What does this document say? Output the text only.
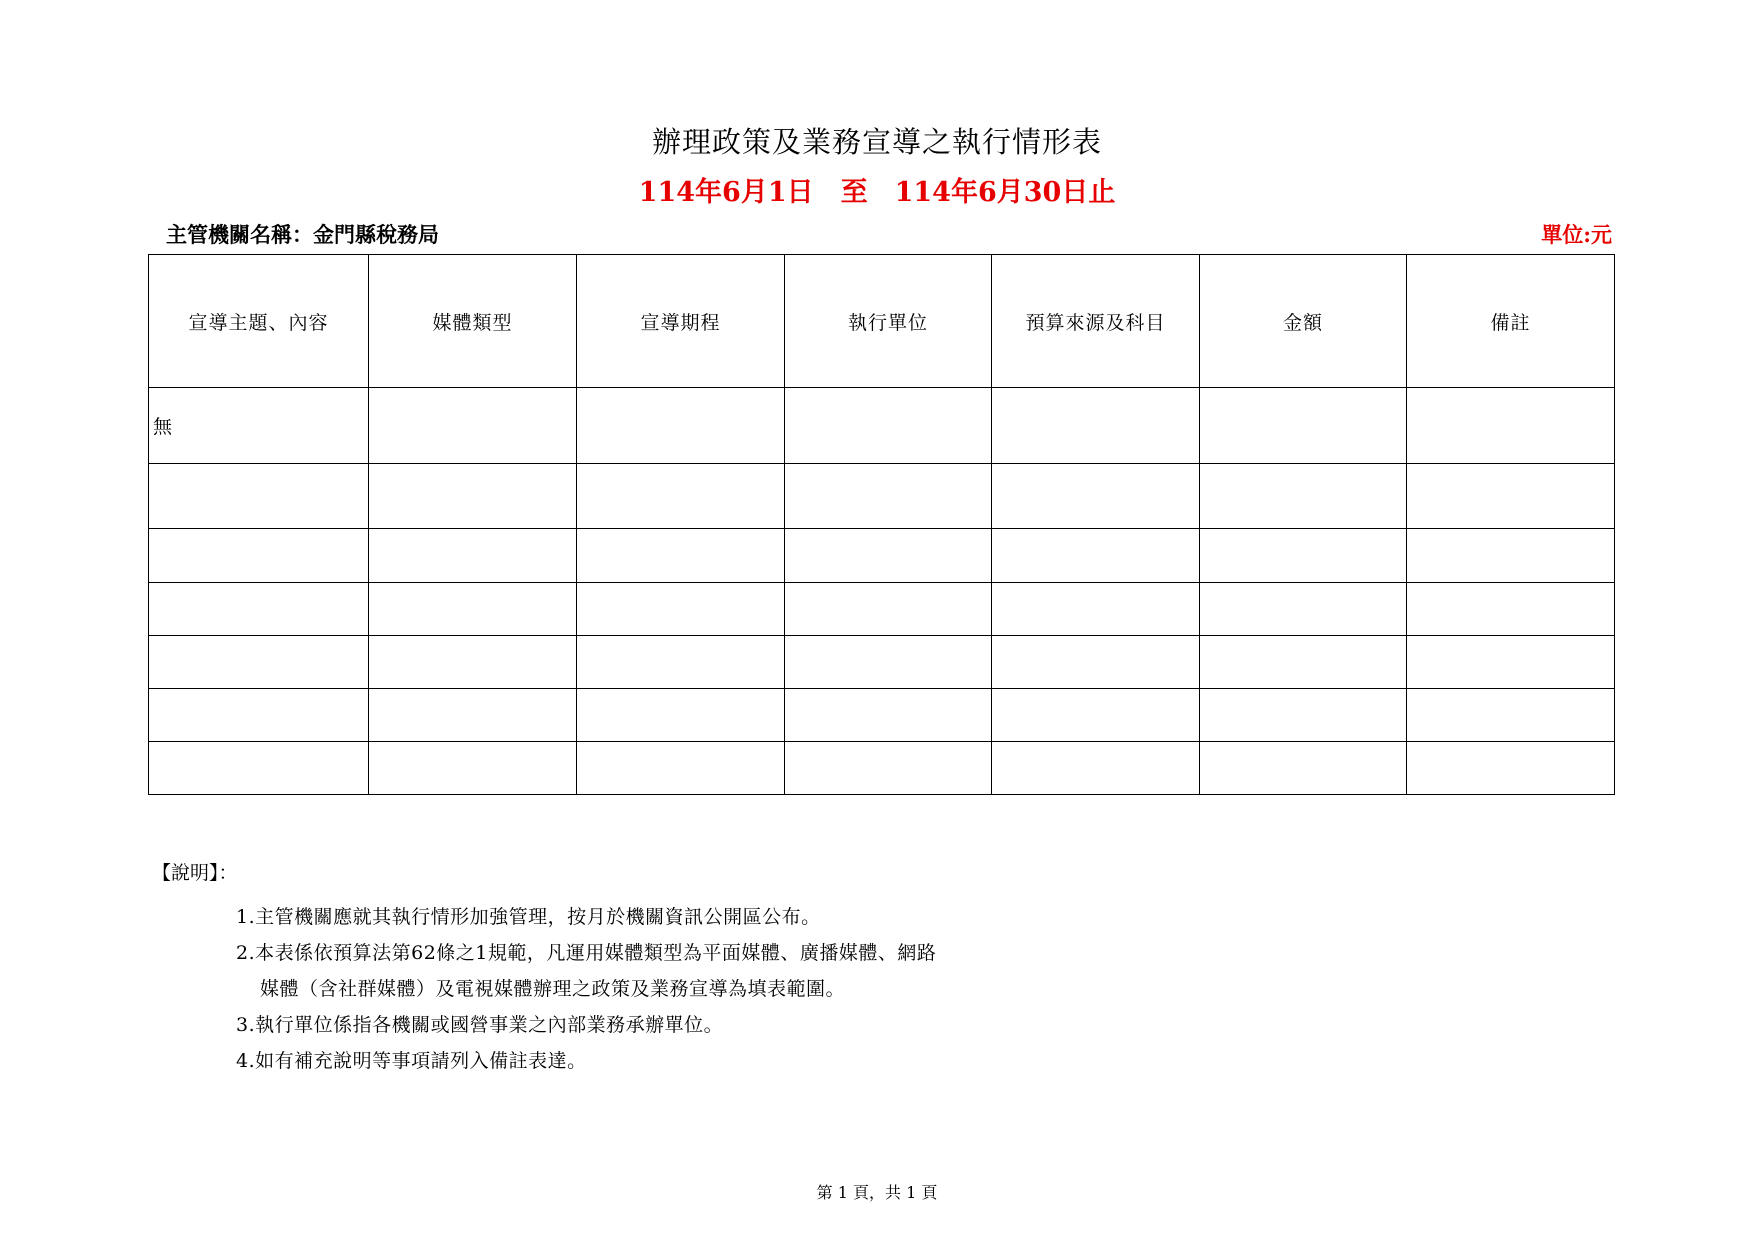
辦理政策及業務宣導之執行情形表
114年6月1日　至　114年6月30日止
主管機關名稱：金門縣稅務局	單位:元
宣導主題、內容	媒體類型	宣導期程	執行單位	預算來源及科目	金額	備註
無						

【說明】：
1.主管機關應就其執行情形加強管理，按月於機關資訊公開區公布。
2.本表係依預算法第62條之1規範，凡運用媒體類型為平面媒體、廣播媒體、網路
媒體（含社群媒體）及電視媒體辦理之政策及業務宣導為填表範圍。
3.執行單位係指各機關或國營事業之內部業務承辦單位。
4.如有補充說明等事項請列入備註表達。
第 1 頁，共 1 頁
